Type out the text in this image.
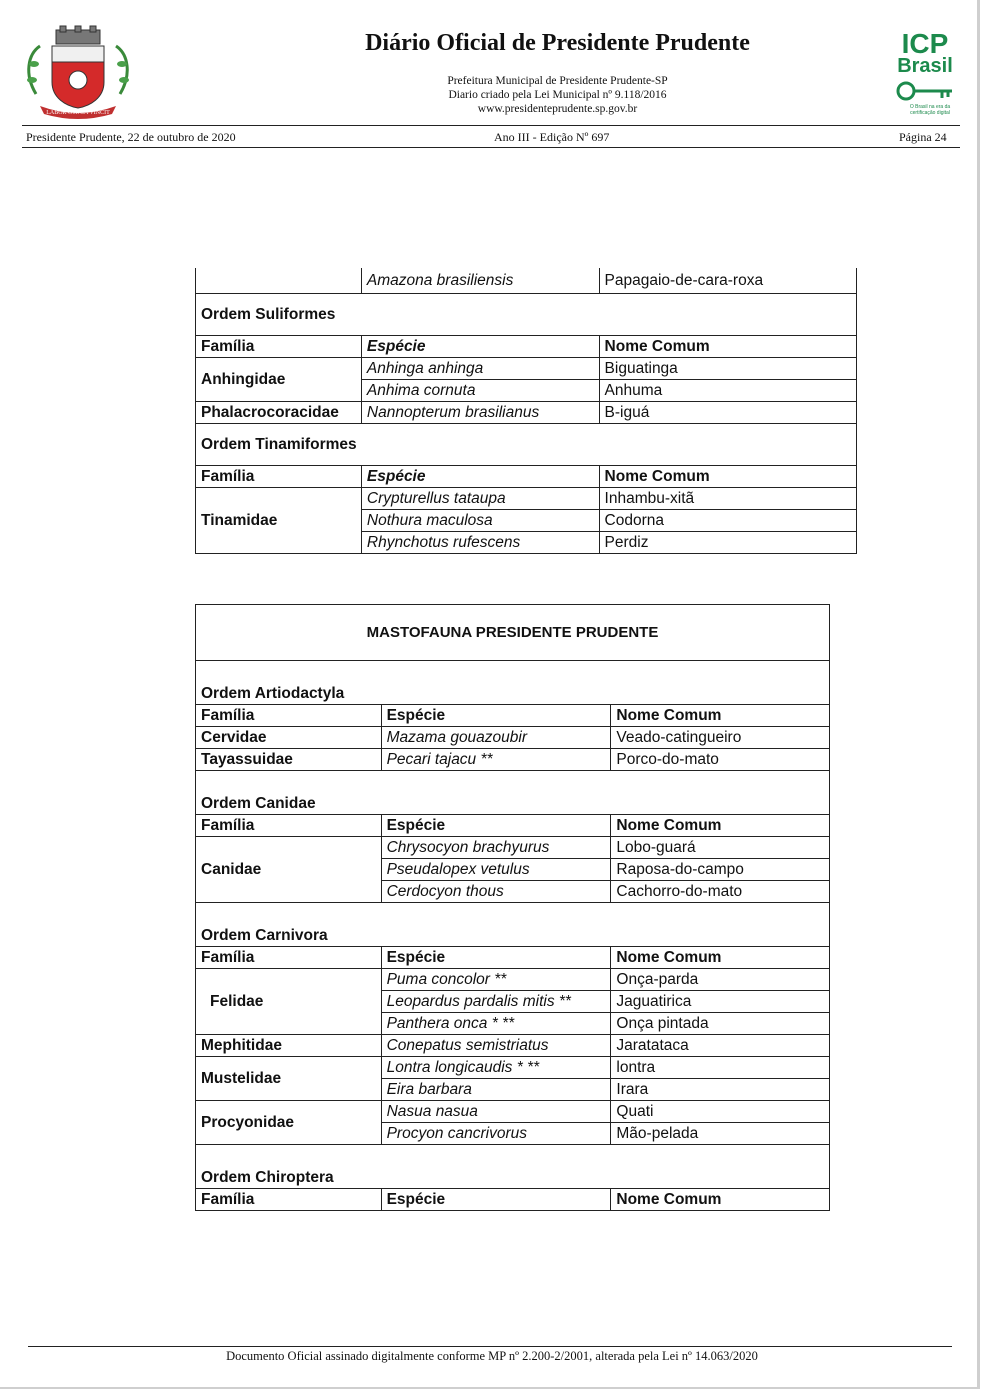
LABOR OMNIA VINCIT
Diário Oficial de Presidente Prudente
Prefeitura Municipal de Presidente Prudente-SP
Diario criado pela Lei Municipal nº 9.118/2016
www.presidenteprudente.sp.gov.br
ICP
Brasil
O Brasil na era da certificação digital
Presidente Prudente, 22 de outubro de 2020	Ano III - Edição Nº 697	Página 24
	Amazona brasiliensis	Papagaio-de-cara-roxa
Ordem Suliformes		
Família	Espécie	Nome Comum
Anhingidae	Anhinga anhinga	Biguatinga
	Anhima cornuta	Anhuma
Phalacrocoracidae	Nannopterum brasilianus	B-iguá
Ordem Tinamiformes		
Família	Espécie	Nome Comum
Tinamidae	Crypturellus tataupa	Inhambu-xitã
	Nothura maculosa	Codorna
	Rhynchotus rufescens	Perdiz
MASTOFAUNA PRESIDENTE PRUDENTE		
Ordem Artiodactyla		
Família	Espécie	Nome Comum
Cervidae	Mazama gouazoubir	Veado-catingueiro
Tayassuidae	Pecari tajacu **	Porco-do-mato
Ordem Canidae		
Família	Espécie	Nome Comum
Canidae	Chrysocyon brachyurus	Lobo-guará
	Pseudalopex vetulus	Raposa-do-campo
	Cerdocyon thous	Cachorro-do-mato
Ordem Carnivora		
Família	Espécie	Nome Comum
Felidae	Puma concolor **	Onça-parda
	Leopardus pardalis mitis **	Jaguatirica
	Panthera onca * **	Onça pintada
Mephitidae	Conepatus semistriatus	Jaratataca
Mustelidae	Lontra longicaudis * **	lontra
	Eira barbara	Irara
Procyonidae	Nasua nasua	Quati
	Procyon cancrivorus	Mão-pelada
Ordem Chiroptera		
Família	Espécie	Nome Comum
Documento Oficial assinado digitalmente conforme MP nº 2.200-2/2001, alterada pela Lei nº 14.063/2020
